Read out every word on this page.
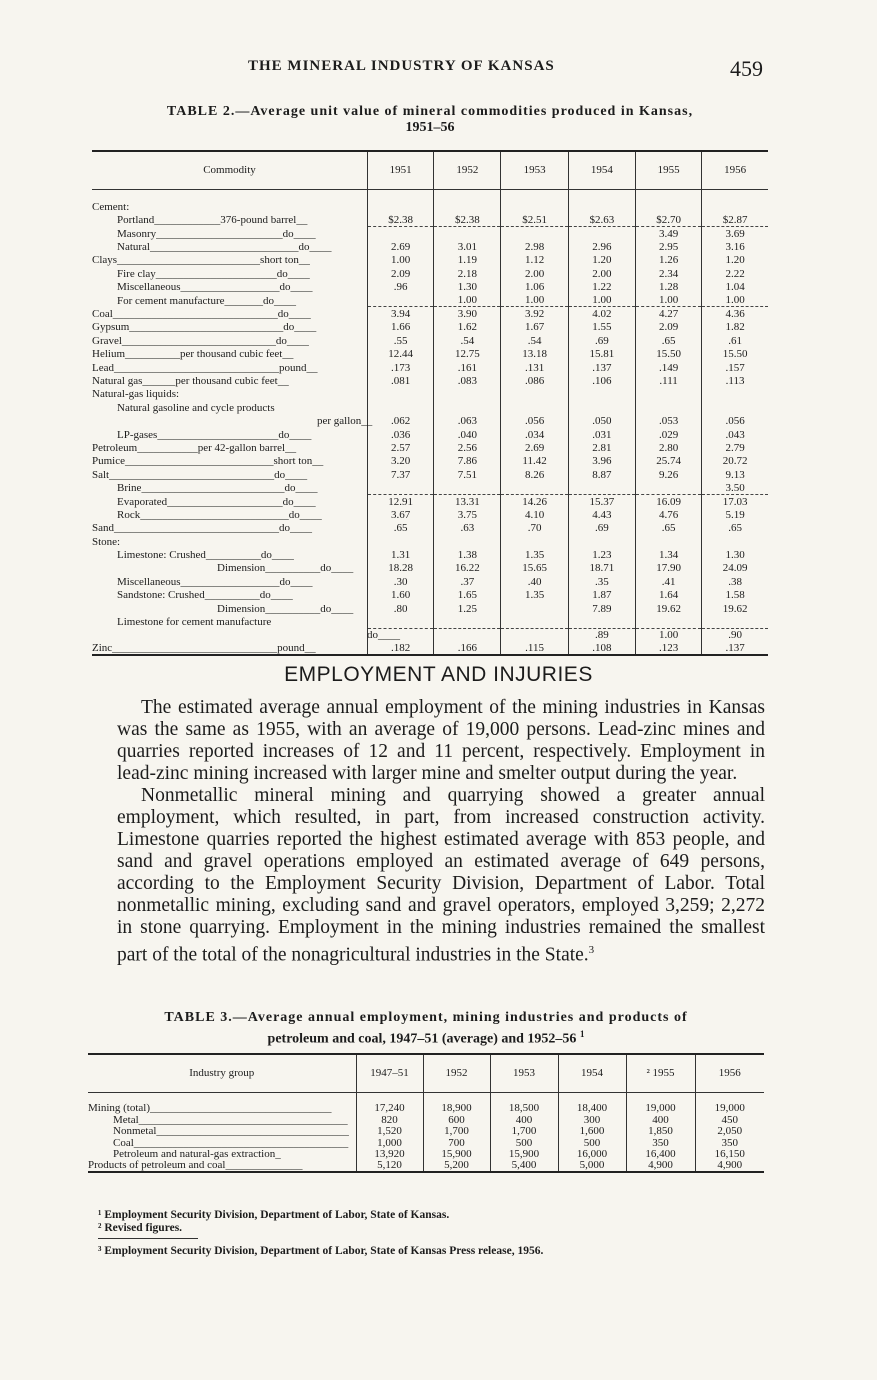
THE MINERAL INDUSTRY OF KANSAS	459
TABLE 2.—Average unit value of mineral commodities produced in Kansas,
1951–56
Commodity	1951	1952	1953	1954	1955	1956
Cement:						
Portland____________376-pound barrel__	$2.38	$2.38	$2.51	$2.63	$2.70	$2.87
Masonry_______________________do____					3.49	3.69
Natural___________________________do____	2.69	3.01	2.98	2.96	2.95	3.16
Clays__________________________short ton__	1.00	1.19	1.12	1.20	1.26	1.20
Fire clay______________________do____	2.09	2.18	2.00	2.00	2.34	2.22
Miscellaneous__________________do____	.96	1.30	1.06	1.22	1.28	1.04
For cement manufacture_______do____		1.00	1.00	1.00	1.00	1.00
Coal______________________________do____	3.94	3.90	3.92	4.02	4.27	4.36
Gypsum____________________________do____	1.66	1.62	1.67	1.55	2.09	1.82
Gravel____________________________do____	.55	.54	.54	.69	.65	.61
Helium__________per thousand cubic feet__	12.44	12.75	13.18	15.81	15.50	15.50
Lead______________________________pound__	.173	.161	.131	.137	.149	.157
Natural gas______per thousand cubic feet__	.081	.083	.086	.106	.111	.113
Natural-gas liquids:						
Natural gasoline and cycle products						
per gallon__	.062	.063	.056	.050	.053	.056
LP-gases______________________do____	.036	.040	.034	.031	.029	.043
Petroleum___________per 42-gallon barrel__	2.57	2.56	2.69	2.81	2.80	2.79
Pumice___________________________short ton__	3.20	7.86	11.42	3.96	25.74	20.72
Salt______________________________do____	7.37	7.51	8.26	8.87	9.26	9.13
Brine__________________________do____						3.50
Evaporated_____________________do____	12.91	13.31	14.26	15.37	16.09	17.03
Rock___________________________do____	3.67	3.75	4.10	4.43	4.76	5.19
Sand______________________________do____	.65	.63	.70	.69	.65	.65
Stone:						
Limestone: Crushed__________do____	1.31	1.38	1.35	1.23	1.34	1.30
Dimension__________do____	18.28	16.22	15.65	18.71	17.90	24.09
Miscellaneous__________________do____	.30	.37	.40	.35	.41	.38
Sandstone: Crushed__________do____	1.60	1.65	1.35	1.87	1.64	1.58
Dimension__________do____	.80	1.25		7.89	19.62	19.62
Limestone for cement manufacture						
do____				.89	1.00	.90
Zinc______________________________pound__	.182	.166	.115	.108	.123	.137
EMPLOYMENT AND INJURIES

The estimated average annual employment of the mining industries in Kansas was the same as 1955, with an average of 19,000 persons. Lead-zinc mines and quarries reported increases of 12 and 11 percent, respectively. Employment in lead-zinc mining increased with larger mine and smelter output during the year.

Nonmetallic mineral mining and quarrying showed a greater annual employment, which resulted, in part, from increased construction activity. Limestone quarries reported the highest estimated average with 853 people, and sand and gravel operations employed an estimated average of 649 persons, according to the Employment Security Division, Department of Labor. Total nonmetallic mining, excluding sand and gravel operators, employed 3,259; 2,272 in stone quarrying. Employment in the mining industries remained the smallest part of the total of the nonagricultural industries in the State.$^3$

TABLE 3.—Average annual employment, mining industries and products of
petroleum and coal, 1947–51 (average) and 1952–56 $^1$
Industry group	1947–51	1952	1953	1954	² 1955	1956
Mining (total)_________________________________	17,240	18,900	18,500	18,400	19,000	19,000
Metal______________________________________	820	600	400	300	400	450
Nonmetal___________________________________	1,520	1,700	1,700	1,600	1,850	2,050
Coal_______________________________________	1,000	700	500	500	350	350
Petroleum and natural-gas extraction_	13,920	15,900	15,900	16,000	16,400	16,150
Products of petroleum and coal______________	5,120	5,200	5,400	5,000	4,900	4,900
¹ Employment Security Division, Department of Labor, State of Kansas.
² Revised figures.
³ Employment Security Division, Department of Labor, State of Kansas Press release, 1956.
